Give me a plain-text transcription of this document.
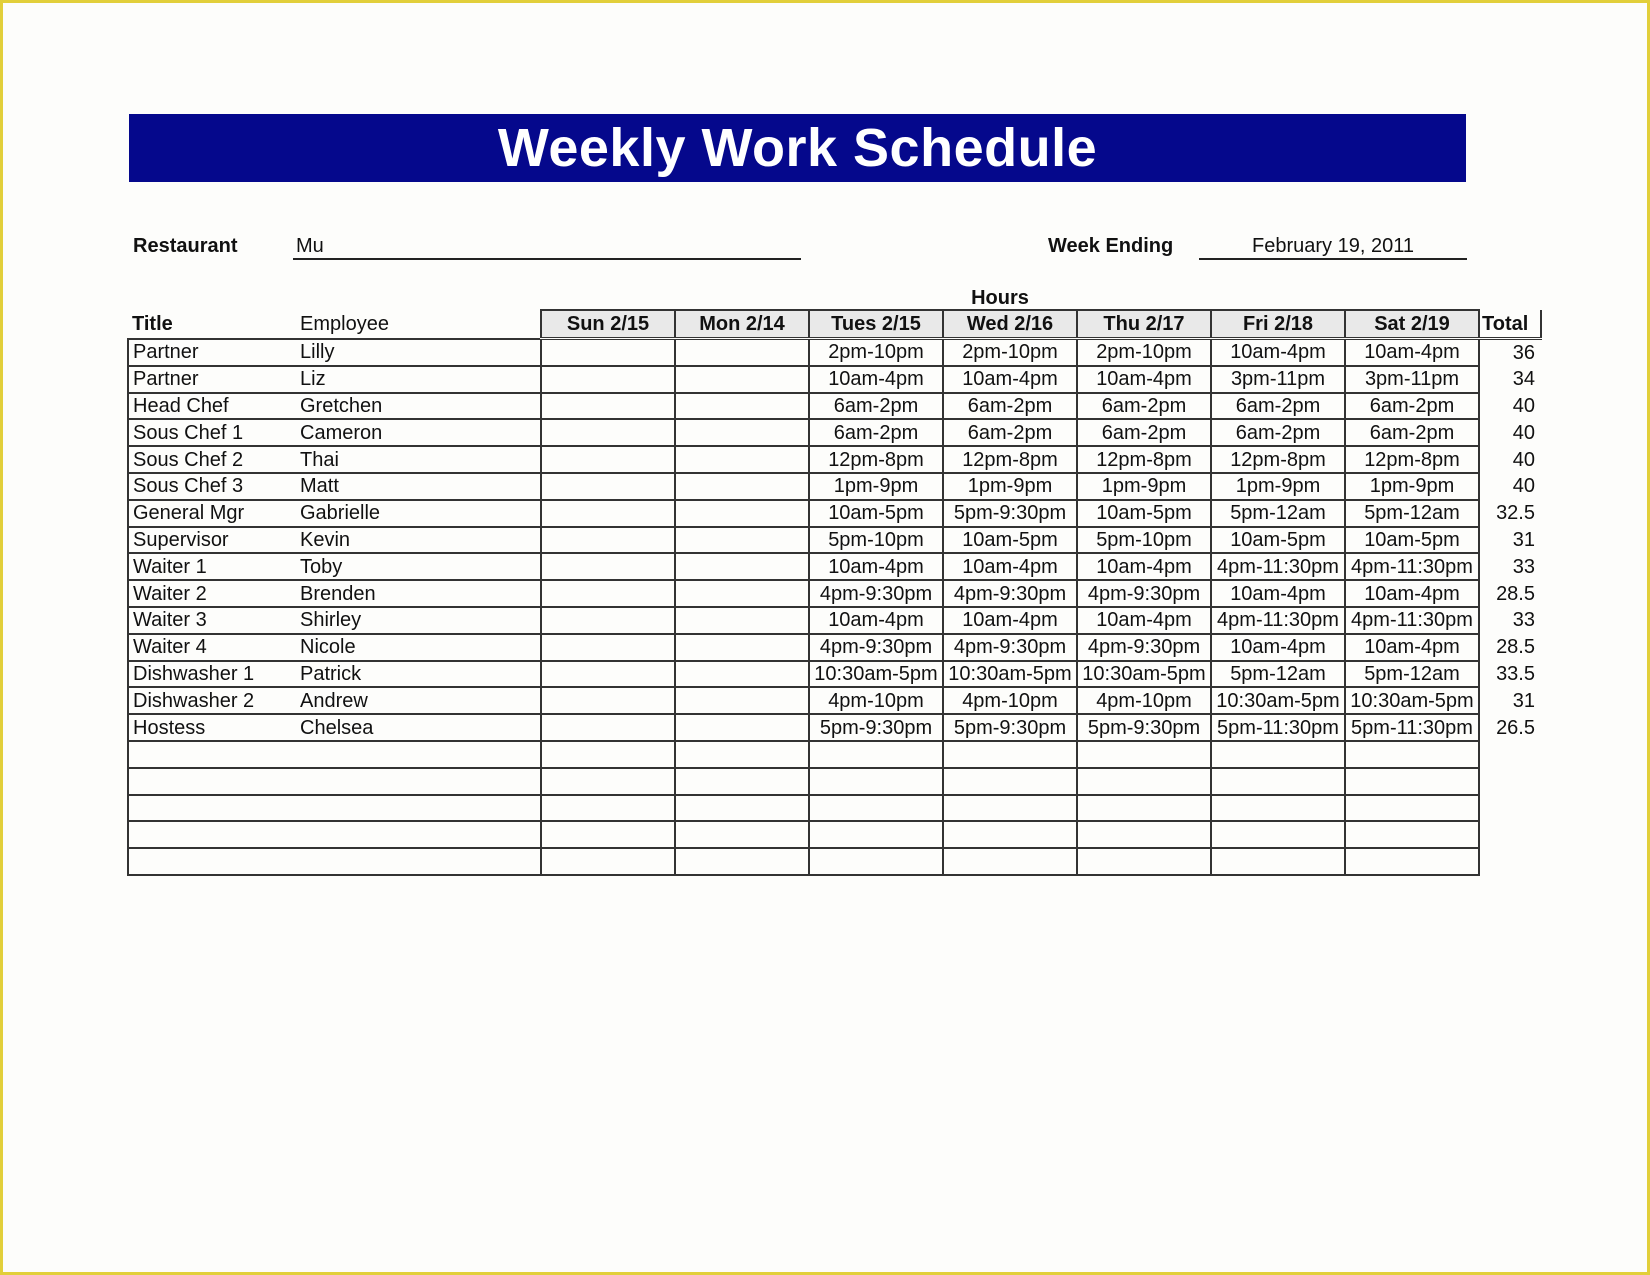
Weekly Work Schedule
Restaurant	Mu	Week Ending	February 19, 2011
Hours
Title	Employee	Sun 2/15	Mon 2/14	Tues 2/15	Wed 2/16	Thu 2/17	Fri 2/18	Sat 2/19	Total
Partner	Lilly			2pm-10pm	2pm-10pm	2pm-10pm	10am-4pm	10am-4pm	36
Partner	Liz			10am-4pm	10am-4pm	10am-4pm	3pm-11pm	3pm-11pm	34
Head Chef	Gretchen			6am-2pm	6am-2pm	6am-2pm	6am-2pm	6am-2pm	40
Sous Chef 1	Cameron			6am-2pm	6am-2pm	6am-2pm	6am-2pm	6am-2pm	40
Sous Chef 2	Thai			12pm-8pm	12pm-8pm	12pm-8pm	12pm-8pm	12pm-8pm	40
Sous Chef 3	Matt			1pm-9pm	1pm-9pm	1pm-9pm	1pm-9pm	1pm-9pm	40
General Mgr	Gabrielle			10am-5pm	5pm-9:30pm	10am-5pm	5pm-12am	5pm-12am	32.5
Supervisor	Kevin			5pm-10pm	10am-5pm	5pm-10pm	10am-5pm	10am-5pm	31
Waiter 1	Toby			10am-4pm	10am-4pm	10am-4pm	4pm-11:30pm	4pm-11:30pm	33
Waiter 2	Brenden			4pm-9:30pm	4pm-9:30pm	4pm-9:30pm	10am-4pm	10am-4pm	28.5
Waiter 3	Shirley			10am-4pm	10am-4pm	10am-4pm	4pm-11:30pm	4pm-11:30pm	33
Waiter 4	Nicole			4pm-9:30pm	4pm-9:30pm	4pm-9:30pm	10am-4pm	10am-4pm	28.5
Dishwasher 1	Patrick			10:30am-5pm	10:30am-5pm	10:30am-5pm	5pm-12am	5pm-12am	33.5
Dishwasher 2	Andrew			4pm-10pm	4pm-10pm	4pm-10pm	10:30am-5pm	10:30am-5pm	31
Hostess	Chelsea			5pm-9:30pm	5pm-9:30pm	5pm-9:30pm	5pm-11:30pm	5pm-11:30pm	26.5
